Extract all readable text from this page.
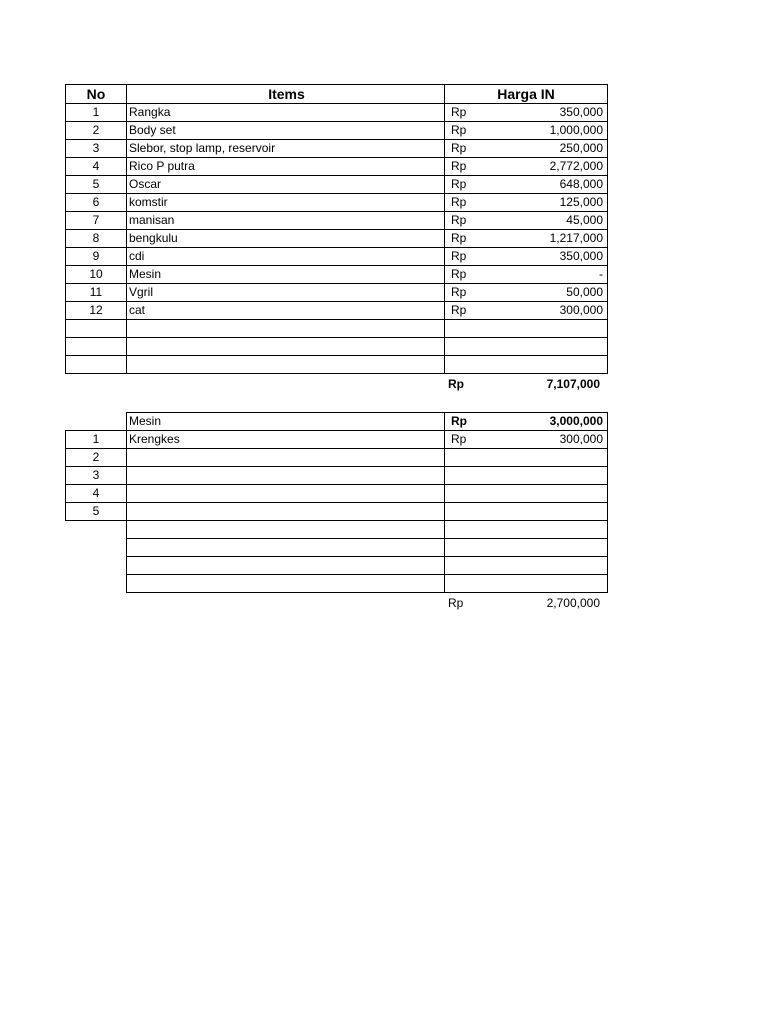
No	Items	Harga IN
1	Rangka	Rp 350,000

2	Body set	Rp 1,000,000

3	Slebor, stop lamp, reservoir	Rp 250,000

4	Rico P putra	Rp 2,772,000

5	Oscar	Rp 648,000

6	komstir	Rp 125,000

7	manisan	Rp 45,000

8	bengkulu	Rp 1,217,000

9	cdi	Rp 350,000

10	Mesin	Rp -

11	Vgril	Rp 50,000

12	cat	Rp 300,000

Rp	7,107,000
	Mesin	Rp 3,000,000

1	Krengkes	Rp 300,000

2		

3		

4		

5		

Rp	2,700,000
